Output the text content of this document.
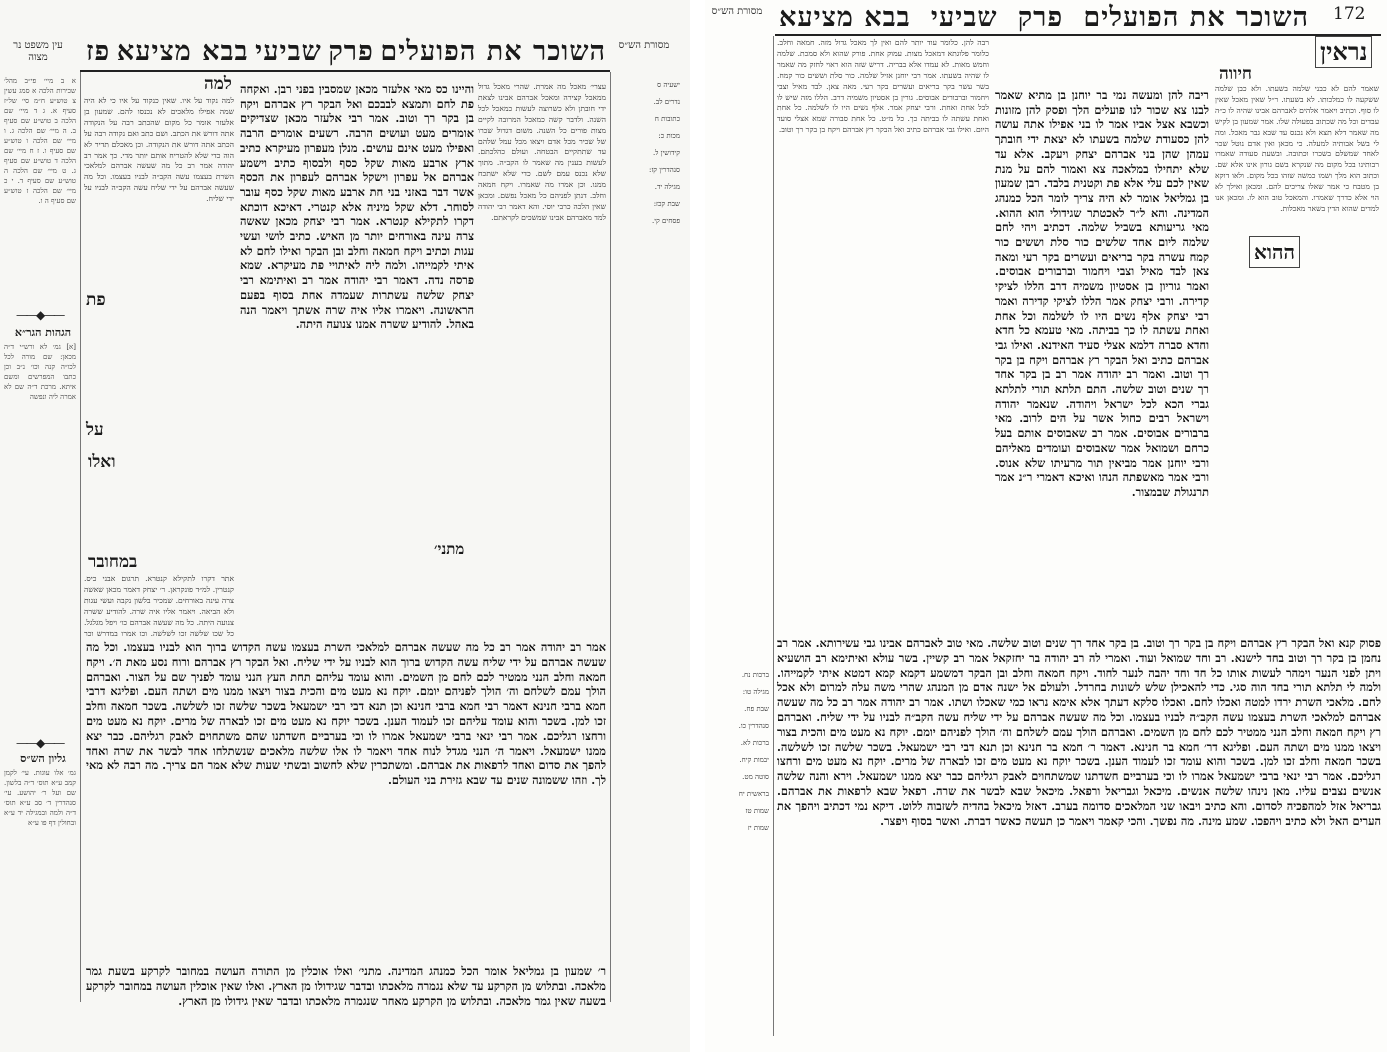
עין משפט נר מצוה
מסורת הש״ס
השוכר את הפועלים
פרק
שביעי
בבא מציעא
פז
א ב מיי׳ פי״ב מהל׳ שכירות הלכה א סמג עשין צ טוש״ע ח״מ סי׳ של״ז סעיף א. ג ד מיי׳ שם הלכה ב טוש״ע שם סעיף ב. ה מיי׳ שם הלכה ג. ו מיי׳ שם הלכה ו טוש״ע שם סעיף ו. ז ח מיי׳ שם הלכה ד טוש״ע שם סעיף ג. ט מיי׳ שם הלכה ה טוש״ע שם סעיף ד. י כ מיי׳ שם הלכה ז טוש״ע שם סעיף ה ו.
——◆——
הגהות הגר״א
[א] גמ׳ לא ורש״י ד״ה מכאן: שם מורה לכל לכו״ה קנה וכו׳ נ״ב וכן כתבו המפרשים ומשם איתא. מרכת ד״ה שם לא אמרה ליה ונפשה
——◆——
גליון הש״ס
גמ׳ אלו עוגות. עי׳ לקמן קמב ע״א תוס׳ ד״ה בלשון. שם ועל ר׳ יהושע. עי׳ סנהדרין ד׳ סב ע״א תוס׳ ד״ה ולמה ובמגילה יד ע״א ובחולין דף פו ע״א
ישעיה ס
נדרים לב.
כתובות ח
מכות כ:
קידושין ל.
סנהדרין קז:
מגילה יד.
שבת קכז:
פסחים קי.
למה
למה נקוד על איו. שאין כנקוד על איו כי לא היה שמה אפילו מלאכים לא נכנסו להם. שמעון בן אלעזר אומר כל מקום שהכתב רבה על הנקודה אתה דורש את הכתב. ושם כתב ואם נקודה רבה על הכתב אתה דורש את הנקודה. וכן מאכלם תדיר לא הוה כדי שלא להטריח אותם יותר מדי. כך אמר רב יהודה אמר רב כל מה שעשה אברהם למלאכי השרת בעצמו עשה הקב״ה לבניו בעצמו. וכל מה שעשה אברהם על ידי שליח עשה הקב״ה לבניו על ידי שליח.
על
פת
ואלו
במחובר
אתר דקרו לתקילא קנטרא. תרגום אבני כיס. קנטרין. למ״ד פונקראן. ר׳ יצחק דאמר מכאן שאשה צרה עינה באורחים. שמכיר בלשון נקבה ועשי עגות ולא הביאה. ויאמר אליו איה שרה. להודיע ששרה צנועה היתה. כל מה שעשה אברהם כו׳ ויפל מגלגל. כל שכן שלשה זכו לשלשה. וכן אמרו במדרש וכך
והיינו כס מאי אלעזר מכאן שמסבין בפני רבן. ואקחה פת לחם ותמצא לבבכם ואל הבקר רץ אברהם ויקח בן בקר רך וטוב. אמר רבי אלעזר מכאן שצדיקים אומרים מעט ועושים הרבה. רשעים אומרים הרבה ואפילו מעט אינם עושים. מנלן מעפרון מעיקרא כתיב ארץ ארבע מאות שקל כסף ולבסוף כתיב וישמע אברהם אל עפרון וישקל אברהם לעפרון את הכסף אשר דבר באזני בני חת ארבע מאות שקל כסף עובר לסוחר. דלא שקל מיניה אלא קנטרי. דאיכא דוכתא דקרו לתקילא קנטרא. אמר רבי יצחק מכאן שאשה צרה עינה באורחים יותר מן האיש. כתיב לושי ועשי עגות וכתיב ויקח חמאה וחלב ובן הבקר ואילו לחם לא איתי לקמייהו. ולמה ליה לאיתויי פת מעיקרא. שמא פרסה נדה. דאמר רבי יהודה אמר רב ואיתימא רבי יצחק שלשה עשתרות שעמדה אחת בסוף בפעם הראשונה. ויאמרו אליו איה שרה אשתך ויאמר הנה באהל. להודיע ששרה אמנו צנועה היתה.
מתני׳
עצרי׳ מאכל מה אמרת. שהרי מאכל גדול ממאכל קצירה ומאכל אברהם אבינו לצאת ידי חובתן ולא כשרוצה לעשות כמאכל לכל השנה. ולדבר קשה כמאכל המרובה לקיים מצות פורים כל השנה. משום דגדול שכרו של שכיר מכל אדם ויצאו מכל עמל שלהם עד שתתקיים הבטחה. ועולם כהלכתם. לעשות בענין מה שאמר לו הקב״ה. מתוך שלא נכנס עמם לשם. כדי שלא ישתכח ממנו. וכן אמרו מה שאמרו. ויקח חמאה וחלב. דנתן לפניהם כל מאכל נפשם. ומכאן שאין הלכה כרבי יוסי. והא דאמר רבי יהודה למד מאברהם אבינו שמשכים לקראתם.
אמר רב יהודה אמר רב כל מה שעשה אברהם למלאכי השרת בעצמו עשה הקדוש ברוך הוא לבניו בעצמו. וכל מה שעשה אברהם על ידי שליח עשה הקדוש ברוך הוא לבניו על ידי שליח. ואל הבקר רץ אברהם ורוח נסע מאת ה׳. ויקח חמאה וחלב הנני ממטיר לכם לחם מן השמים. והוא עומד עליהם תחת העץ הנני עומד לפניך שם על הצור. ואברהם הולך עמם לשלחם וה׳ הולך לפניהם יומם. יוקח נא מעט מים והכית בצור ויצאו ממנו מים ושתה העם. ופליגא דרבי חמא ברבי חנינא דאמר רבי חמא ברבי חנינא וכן תנא דבי רבי ישמעאל בשכר שלשה זכו לשלשה. בשכר חמאה וחלב זכו למן. בשכר והוא עומד עליהם זכו לעמוד הענן. בשכר יוקח נא מעט מים זכו לבארה של מרים. יוקח נא מעט מים ורחצו רגליכם. אמר רבי ינאי ברבי ישמעאל אמרו לו וכי בערביים חשדתנו שהם משתחוים לאבק רגליהם. כבר יצא ממנו ישמעאל. ויאמר ה׳ הנני מגדל לנוח אחד ויאמר לו אלו שלשה מלאכים שנשתלחו אחד לבשר את שרה ואחד להפך את סדום ואחד לרפאות את אברהם. ומשתכרין שלא לחשוב ובשתי שעות שלא אמר הם צריך. מה רבה לא מאי לך. וזהו ששמונה שנים עד שבא גזירת בני העולם.
ר׳ שמעון בן גמליאל אומר הכל כמנהג המדינה. מתני׳ ואלו אוכלין מן התורה העושה במחובר לקרקע בשעת גמר מלאכה. ובתלוש מן הקרקע עד שלא נגמרה מלאכתו ובדבר שגידולו מן הארץ. ואלו שאין אוכלין העושה במחובר לקרקע בשעה שאין גמר מלאכה. ובתלוש מן הקרקע מאחר שנגמרה מלאכתו ובדבר שאין גידולו מן הארץ.
172
מסורת הש״ס	השוכר את הפועלים
פרק
שביעי
בבא מציעא
ברכות נח.
מגילה טו:
שבת פח.
סנהדרין כו.
ברכות לא.
יבמות קיח.
סוטה מט.
בראשית יח
שמות טז
שמות יז
נראין
חיווה
ההוא
שאמר להם לא כבני שלמה בשעתו. ולא כבן שלמה ששקעה לו כמלכותו. לא בשעתו. ר״ל שאין מאכל שאין לו סוף. וכתיב ויאמר אלהים לאברהם אבינו שהיה לו כ״ה עבדים וכל מה שכתוב בפעולה שלו. אמר שמעון בן לקיש מה שאמר דלא תצא ולא נכנס עד שבא גבר מאכל. ומה לי בשל אבותיה למעלה. כי מכאן ואין אדם נוטל שכר לאחד שמשלם בשכרו וכתובה. ובשעת סעודה שאמרו רבותינו בכל מקום מה שנקרא בשם גורון אינו אלא שם. וכתוב הוא מלך ושמו כמשה שזהו בכל מקום. ולאו דוקא בן מטבח כי אמר שאלו צריכים להם. ומכאן ואילך לא הוי אלא כדרך שאמרו. והמאכל טוב הוא לו. ומכאן אנו למדים שהוא הדין בשאר מאכלות.
ריבה להן ומעשה נמי בר יוחנן בן מתיא שאמר לבנו צא שכור לנו פועלים הלך ופסק להן מזונות וכשבא אצל אביו אמר לו בני אפילו אתה עושה להן כסעודת שלמה בשעתו לא יצאת ידי חובתך עמהן שהן בני אברהם יצחק ויעקב. אלא עד שלא יתחילו במלאכה צא ואמור להם על מנת שאין לכם עלי אלא פת וקטנית בלבד. רבן שמעון בן גמליאל אומר לא היה צריך לומר הכל כמנהג המדינה. והא ל״ר לאכטתר שגידולי הוא ההוא. מאי גריעותא בשביל שלמה. דכתיב ויהי לחם שלמה ליום אחד שלשים כור סלת וששים כור קמח עשרה בקר בריאים ועשרים בקר רעי ומאה צאן לבד מאיל וצבי ויחמור וברבורים אבוסים. ואמר גוריון בן אסטיון משמיה דרב הללו לציקי קדירה. ורבי יצחק אמר הללו לציקי קדירה ואמר רבי יצחק אלף נשים היו לו לשלמה וכל אחת ואחת עשתה לו כך בביתה. מאי טעמא כל חדא וחדא סברה דלמא אצלי סעיד האידנא. ואילו גבי אברהם כתיב ואל הבקר רץ אברהם ויקח בן בקר רך וטוב. ואמר רב יהודה אמר רב בן בקר אחד רך שנים וטוב שלשה. התם תלתא תורי לתלתא גברי הכא לכל ישראל ויהודה. שנאמר יהודה וישראל רבים כחול אשר על הים לרוב. מאי ברבורים אבוסים. אמר רב שאבוסים אותם בעל כרחם ושמואל אמר שאבוסים ועומדים מאליהם ורבי יוחנן אמר מביאין תור מרעיתו שלא אנוס. ורבי אמר מאשפתה הנהו ואיכא דאמרי ר״נ אמר תרנגולת שבמצור.
רבה להן. כלומר עוד יותר להם ואין לך מאכל גדול מזה. חמאה וחלב. כלומר פלוגתא דמאכל מצות. עמוק אחת. פורק שהוא ולא סמכת. שלמה וחמש מאות. לא עמדו אלא בבריה. דריש שזה הוא ראוי לחזק מה שאמר לו שהיה בשעתו. אמר רבי יוחנן אזיל שלמה. כור סלת וששים כור קמח. בשר עשר בקר בריאים ועשרים בקר רעי. מאה צאן. לבד מאיל וצבי ויחמור וברבורים אבוסים. גורין בן אסטיון משמיה דרב. הללו מזה שיש לו לכל אחת ואחת. ורבי יצחק אמר. אלף נשים היו לו לשלמה. כל אחת ואחת עשתה לו בביתה כך. כל מ״ט. כל אחת סבורה שמא אצלי סועד היום. ואילו גבי אברהם כתיב ואל הבקר רץ אברהם ויקח בן בקר רך וטוב.
פסוק קנא ואל הבקר רץ אברהם ויקח בן בקר רך וטוב. בן בקר אחד רך שנים וטוב שלשה. מאי טוב לאברהם אבינו גבי עשירותא. אמר רב נחמן בן בקר רך וטוב בחד לישנא. רב וחד שמואל ועוד. ואמרי לה רב יהודה בר יחזקאל אמר רב קשיין. בשר עולא ואיתימא רב הושעיא ויתן לפני הנער וימהר לעשות אותו כל חד וחד יהבה לנער לחוד. ויקח חמאה וחלב ובן הבקר דמשמע דקמא קמא דמטא איתי לקמייהו. ולמה לי תלתא תורי בחד הוה סגי. כדי להאכילן שלש לשונות בחרדל. ולעולם אל ישנה אדם מן המנהג שהרי משה עלה למרום ולא אכל לחם. מלאכי השרת ירדו למטה ואכלו לחם. ואכלו סלקא דעתך אלא אימא נראו כמי שאכלו ושתו. אמר רב יהודה אמר רב כל מה שעשה אברהם למלאכי השרת בעצמו עשה הקב״ה לבניו בעצמו. וכל מה שעשה אברהם על ידי שליח עשה הקב״ה לבניו על ידי שליח. ואברהם רץ ויקח חמאה וחלב הנני ממטיר לכם לחם מן השמים. ואברהם הולך עמם לשלחם וה׳ הולך לפניהם יומם. יוקח נא מעט מים והכית בצור ויצאו ממנו מים ושתה העם. ופליגא דר׳ חמא בר חנינא. דאמר ר׳ חמא בר חנינא וכן תנא דבי רבי ישמעאל. בשכר שלשה זכו לשלשה. בשכר חמאה וחלב זכו למן. בשכר והוא עומד זכו לעמוד הענן. בשכר יוקח נא מעט מים זכו לבארה של מרים. יוקח נא מעט מים ורחצו רגליכם. אמר רבי ינאי ברבי ישמעאל אמרו לו וכי בערביים חשדתנו שמשתחוים לאבק רגליהם כבר יצא ממנו ישמעאל. וירא והנה שלשה אנשים נצבים עליו. מאן נינהו שלשה אנשים. מיכאל וגבריאל ורפאל. מיכאל שבא לבשר את שרה. רפאל שבא לרפאות את אברהם. גבריאל אזל למהפכיה לסדום. והא כתיב ויבאו שני המלאכים סדומה בערב. דאזל מיכאל בהדיה לשזבוה ללוט. דיקא נמי דכתיב ויהפך את הערים האל ולא כתיב ויהפכו. שמע מינה. מה נפשך. והכי קאמר ויאמר כן תעשה כאשר דברת. ואשר בסוף ויפצר.
